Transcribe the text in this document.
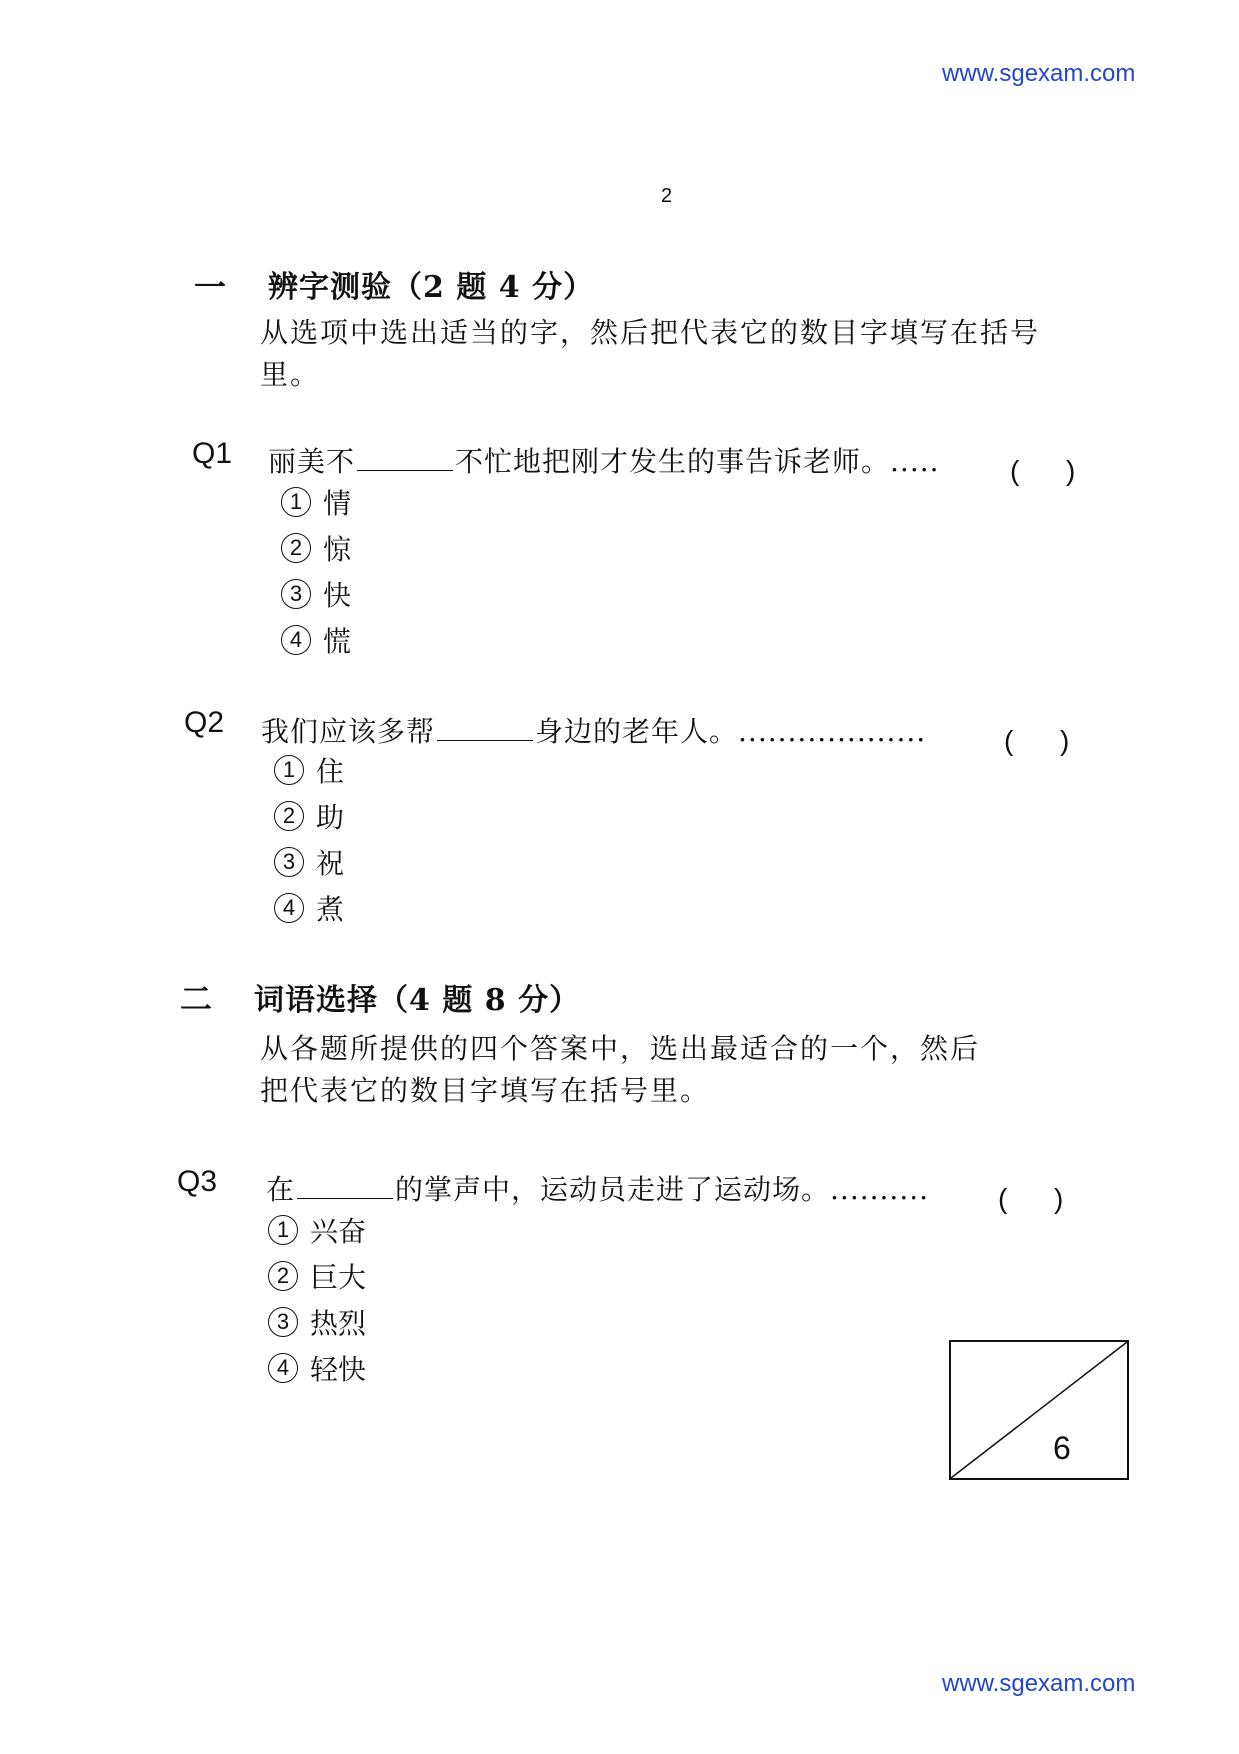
www.sgexam.com
2
一 辨字测验（2 题 4 分）
从选项中选出适当的字，然后把代表它的数目字填写在括号
里。
Q1 丽美不	不忙地把刚才发生的事告诉老师。.....	(      )
1 情
2 惊
3 快
4 慌
Q2 我们应该多帮	身边的老年人。...................	(      )
1 住
2 助
3 祝
4 煮
二 词语选择（4 题 8 分）
从各题所提供的四个答案中，选出最适合的一个，然后
把代表它的数目字填写在括号里。
Q3 在	的掌声中，运动员走进了运动场。.......... (      )
1 兴奋
2 巨大
3 热烈
4 轻快
6
www.sgexam.com
